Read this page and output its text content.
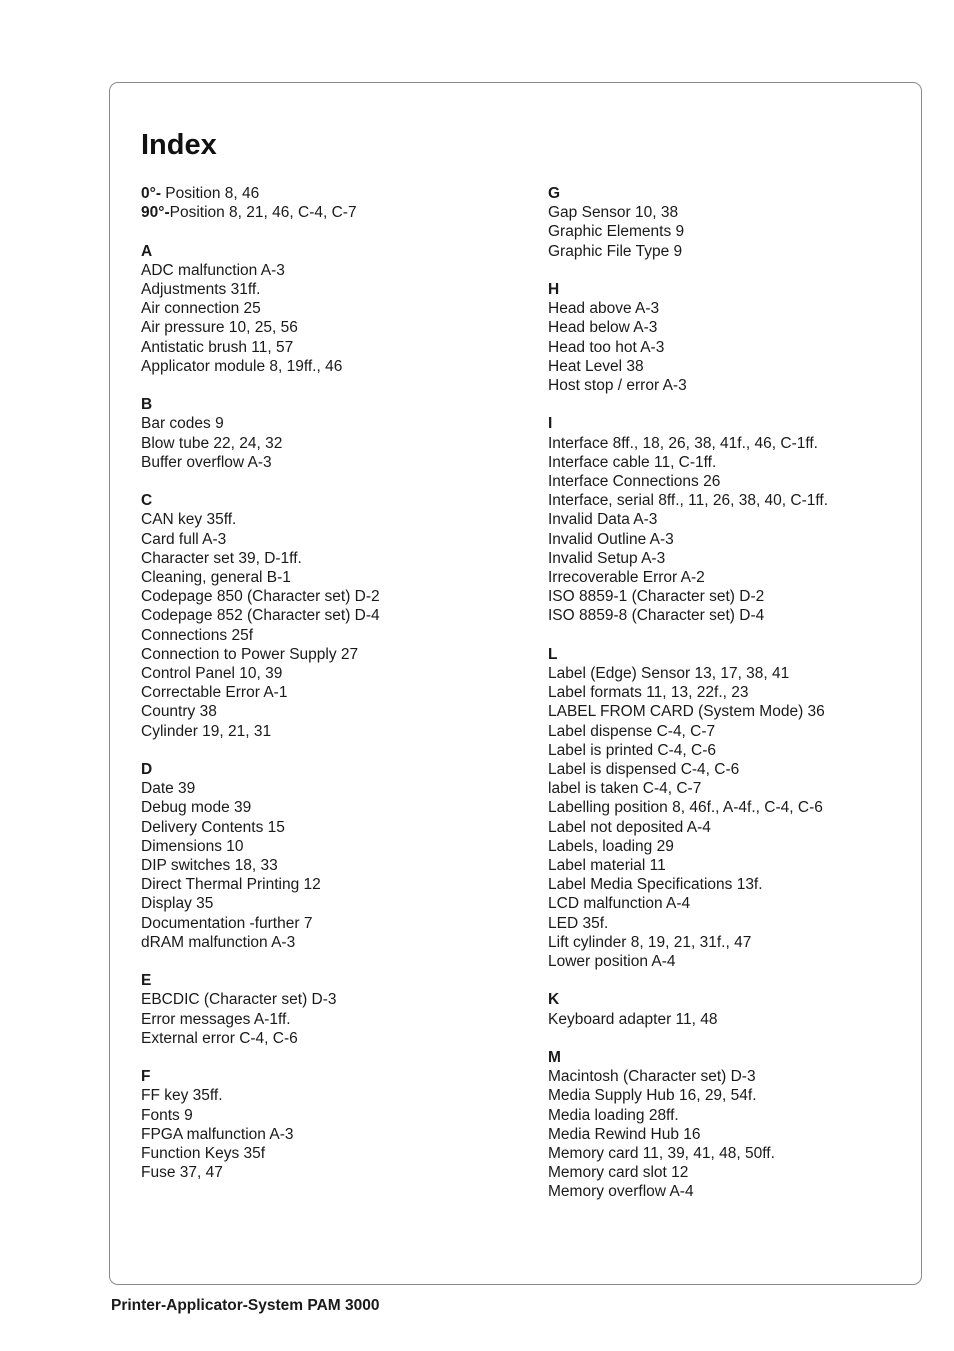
Index
0°- Position 8, 46
90°-Position 8, 21, 46, C-4, C-7
A
ADC malfunction A-3
Adjustments 31ff.
Air connection 25
Air pressure 10, 25, 56
Antistatic brush 11, 57
Applicator module 8, 19ff., 46
B
Bar codes 9
Blow tube 22, 24, 32
Buffer overflow A-3
C
CAN key 35ff.
Card full A-3
Character set 39, D-1ff.
Cleaning, general B-1
Codepage 850 (Character set) D-2
Codepage 852 (Character set) D-4
Connections 25f
Connection to Power Supply 27
Control Panel 10, 39
Correctable Error A-1
Country 38
Cylinder 19, 21, 31
D
Date 39
Debug mode 39
Delivery Contents 15
Dimensions 10
DIP switches 18, 33
Direct Thermal Printing 12
Display 35
Documentation -further 7
dRAM malfunction A-3
E
EBCDIC (Character set) D-3
Error messages A-1ff.
External error C-4, C-6
F
FF key 35ff.
Fonts 9
FPGA malfunction A-3
Function Keys 35f
Fuse 37, 47
G
Gap Sensor 10, 38
Graphic Elements 9
Graphic File Type 9
H
Head above A-3
Head below A-3
Head too hot A-3
Heat Level 38
Host stop / error A-3
I
Interface 8ff., 18, 26, 38, 41f., 46, C-1ff.
Interface cable 11, C-1ff.
Interface Connections 26
Interface, serial 8ff., 11, 26, 38, 40, C-1ff.
Invalid Data A-3
Invalid Outline A-3
Invalid Setup A-3
Irrecoverable Error A-2
ISO 8859-1 (Character set) D-2
ISO 8859-8 (Character set) D-4
L
Label (Edge) Sensor 13, 17, 38, 41
Label formats 11, 13, 22f., 23
LABEL FROM CARD (System Mode) 36
Label dispense C-4, C-7
Label is printed C-4, C-6
Label is dispensed C-4, C-6
label is taken C-4, C-7
Labelling position 8, 46f., A-4f., C-4, C-6
Label not deposited A-4
Labels, loading 29
Label material 11
Label Media Specifications 13f.
LCD malfunction A-4
LED 35f.
Lift cylinder 8, 19, 21, 31f., 47
Lower position A-4
K
Keyboard adapter 11, 48
M
Macintosh (Character set) D-3
Media Supply Hub 16, 29, 54f.
Media loading 28ff.
Media Rewind Hub 16
Memory card 11, 39, 41, 48, 50ff.
Memory card slot 12
Memory overflow A-4
Printer-Applicator-System PAM 3000
